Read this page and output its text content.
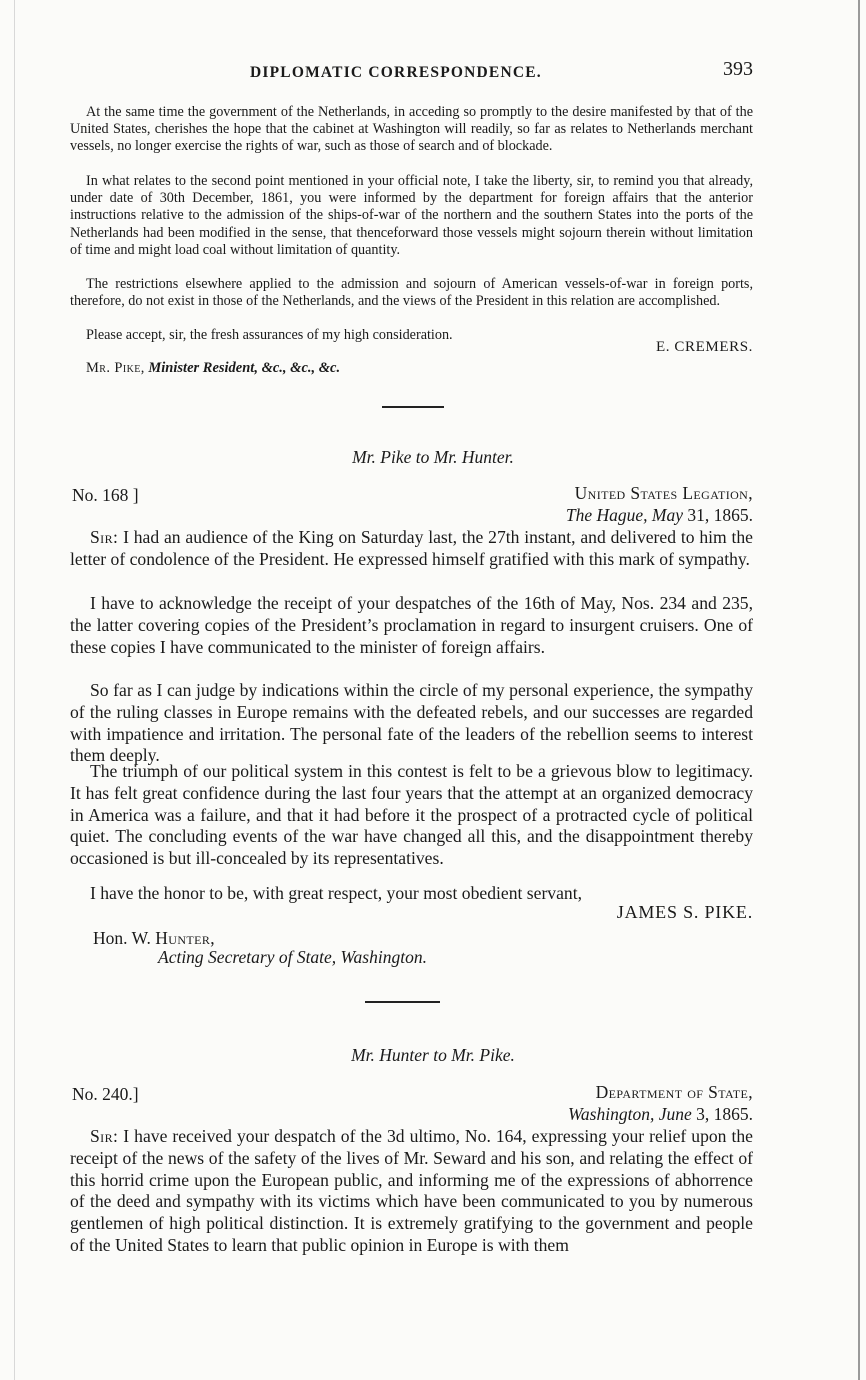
DIPLOMATIC CORRESPONDENCE.	393

At the same time the government of the Netherlands, in acceding so promptly to the desire manifested by that of the United States, cherishes the hope that the cabinet at Washington will readily, so far as relates to Netherlands merchant vessels, no longer exercise the rights of war, such as those of search and of blockade.

In what relates to the second point mentioned in your official note, I take the liberty, sir, to remind you that already, under date of 30th December, 1861, you were informed by the department for foreign affairs that the anterior instructions relative to the admission of the ships-of-war of the northern and the southern States into the ports of the Netherlands had been modified in the sense, that thenceforward those vessels might sojourn therein without limitation of time and might load coal without limitation of quantity.

The restrictions elsewhere applied to the admission and sojourn of American vessels-of-war in foreign ports, therefore, do not exist in those of the Netherlands, and the views of the President in this relation are accomplished.

Please accept, sir, the fresh assurances of my high consideration.

E. CREMERS.
Mr. Pike, Minister Resident, &c., &c., &c.
Mr. Pike to Mr. Hunter.
No. 168 ]	United States Legation,
The Hague, May 31, 1865.

Sir: I had an audience of the King on Saturday last, the 27th instant, and delivered to him the letter of condolence of the President. He expressed himself gratified with this mark of sympathy.

I have to acknowledge the receipt of your despatches of the 16th of May, Nos. 234 and 235, the latter covering copies of the President’s proclamation in regard to insurgent cruisers. One of these copies I have communicated to the minister of foreign affairs.

So far as I can judge by indications within the circle of my personal experience, the sympathy of the ruling classes in Europe remains with the defeated rebels, and our successes are regarded with impatience and irritation. The personal fate of the leaders of the rebellion seems to interest them deeply.

The triumph of our political system in this contest is felt to be a grievous blow to legitimacy. It has felt great confidence during the last four years that the attempt at an organized democracy in America was a failure, and that it had before it the prospect of a protracted cycle of political quiet. The concluding events of the war have changed all this, and the disappointment thereby occasioned is but ill-concealed by its representatives.

I have the honor to be, with great respect, your most obedient servant,

JAMES S. PIKE.
Hon. W. Hunter,
Acting Secretary of State, Washington.
Mr. Hunter to Mr. Pike.
No. 240.]	Department of State,
Washington, June 3, 1865.

Sir: I have received your despatch of the 3d ultimo, No. 164, expressing your relief upon the receipt of the news of the safety of the lives of Mr. Seward and his son, and relating the effect of this horrid crime upon the European public, and informing me of the expressions of abhorrence of the deed and sympathy with its victims which have been communicated to you by numerous gentlemen of high political distinction. It is extremely gratifying to the government and people of the United States to learn that public opinion in Europe is with them
